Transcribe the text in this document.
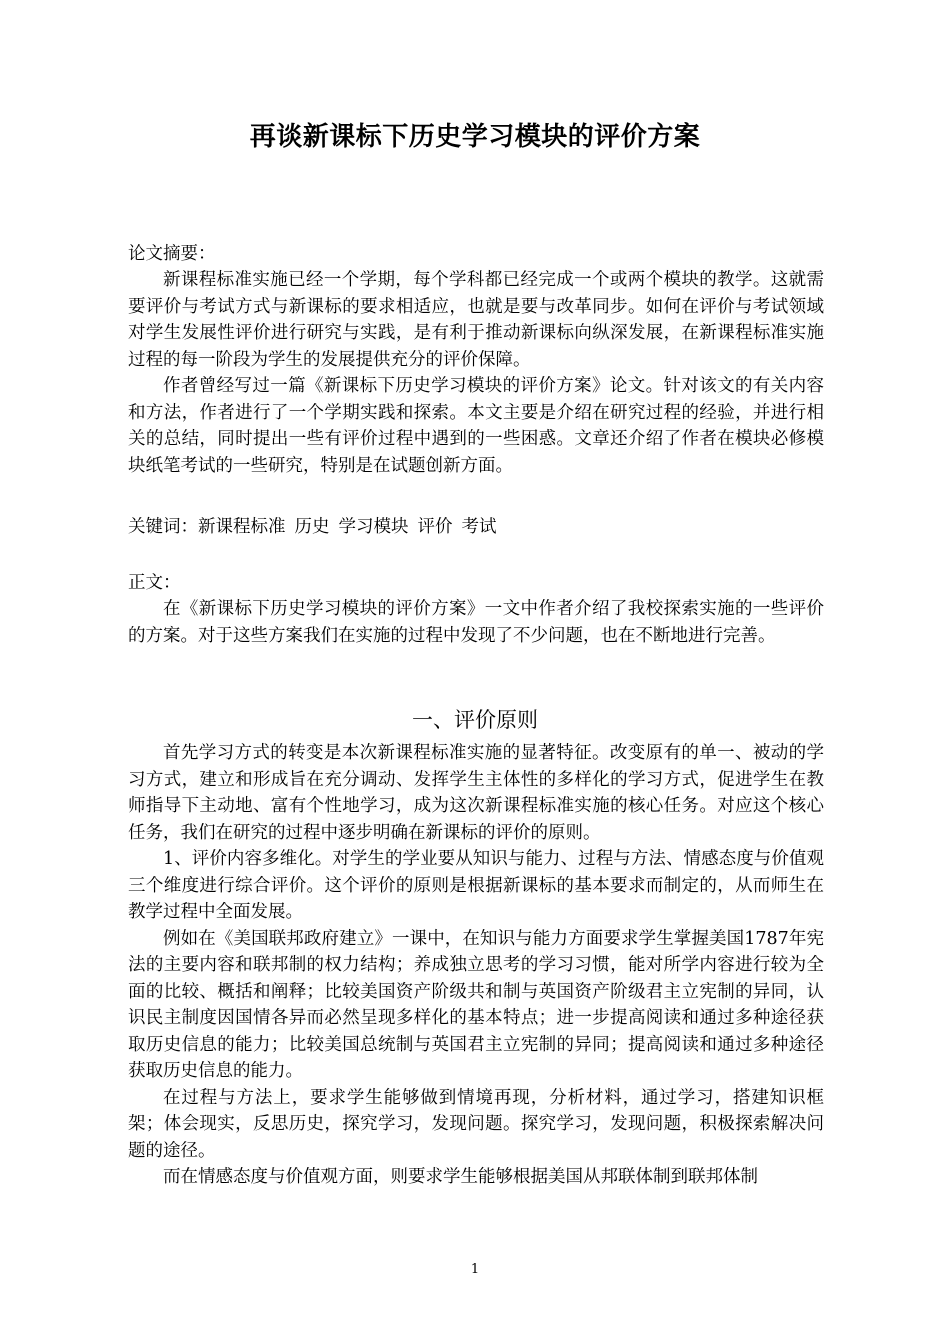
再谈新课标下历史学习模块的评价方案
论文摘要：

新课程标准实施已经一个学期，每个学科都已经完成一个或两个模块的教学。这就需要评价与考试方式与新课标的要求相适应，也就是要与改革同步。如何在评价与考试领域对学生发展性评价进行研究与实践，是有利于推动新课标向纵深发展，在新课程标准实施过程的每一阶段为学生的发展提供充分的评价保障。

作者曾经写过一篇《新课标下历史学习模块的评价方案》论文。针对该文的有关内容和方法，作者进行了一个学期实践和探索。本文主要是介绍在研究过程的经验，并进行相关的总结，同时提出一些有评价过程中遇到的一些困惑。文章还介绍了作者在模块必修模块纸笔考试的一些研究，特别是在试题创新方面。

关键词：新课程标准 历史 学习模块 评价 考试
正文：

在《新课标下历史学习模块的评价方案》一文中作者介绍了我校探索实施的一些评价的方案。对于这些方案我们在实施的过程中发现了不少问题，也在不断地进行完善。

一、评价原则

首先学习方式的转变是本次新课程标准实施的显著特征。改变原有的单一、被动的学习方式，建立和形成旨在充分调动、发挥学生主体性的多样化的学习方式，促进学生在教师指导下主动地、富有个性地学习，成为这次新课程标准实施的核心任务。对应这个核心任务，我们在研究的过程中逐步明确在新课标的评价的原则。

1、评价内容多维化。对学生的学业要从知识与能力、过程与方法、情感态度与价值观三个维度进行综合评价。这个评价的原则是根据新课标的基本要求而制定的，从而师生在教学过程中全面发展。

例如在《美国联邦政府建立》一课中，在知识与能力方面要求学生掌握美国1787年宪法的主要内容和联邦制的权力结构；养成独立思考的学习习惯，能对所学内容进行较为全面的比较、概括和阐释；比较美国资产阶级共和制与英国资产阶级君主立宪制的异同，认识民主制度因国情各异而必然呈现多样化的基本特点；进一步提高阅读和通过多种途径获取历史信息的能力；比较美国总统制与英国君主立宪制的异同；提高阅读和通过多种途径获取历史信息的能力。

在过程与方法上，要求学生能够做到情境再现，分析材料，通过学习，搭建知识框架；体会现实，反思历史，探究学习，发现问题。探究学习，发现问题，积极探索解决问题的途径。

而在情感态度与价值观方面，则要求学生能够根据美国从邦联体制到联邦体制

1
